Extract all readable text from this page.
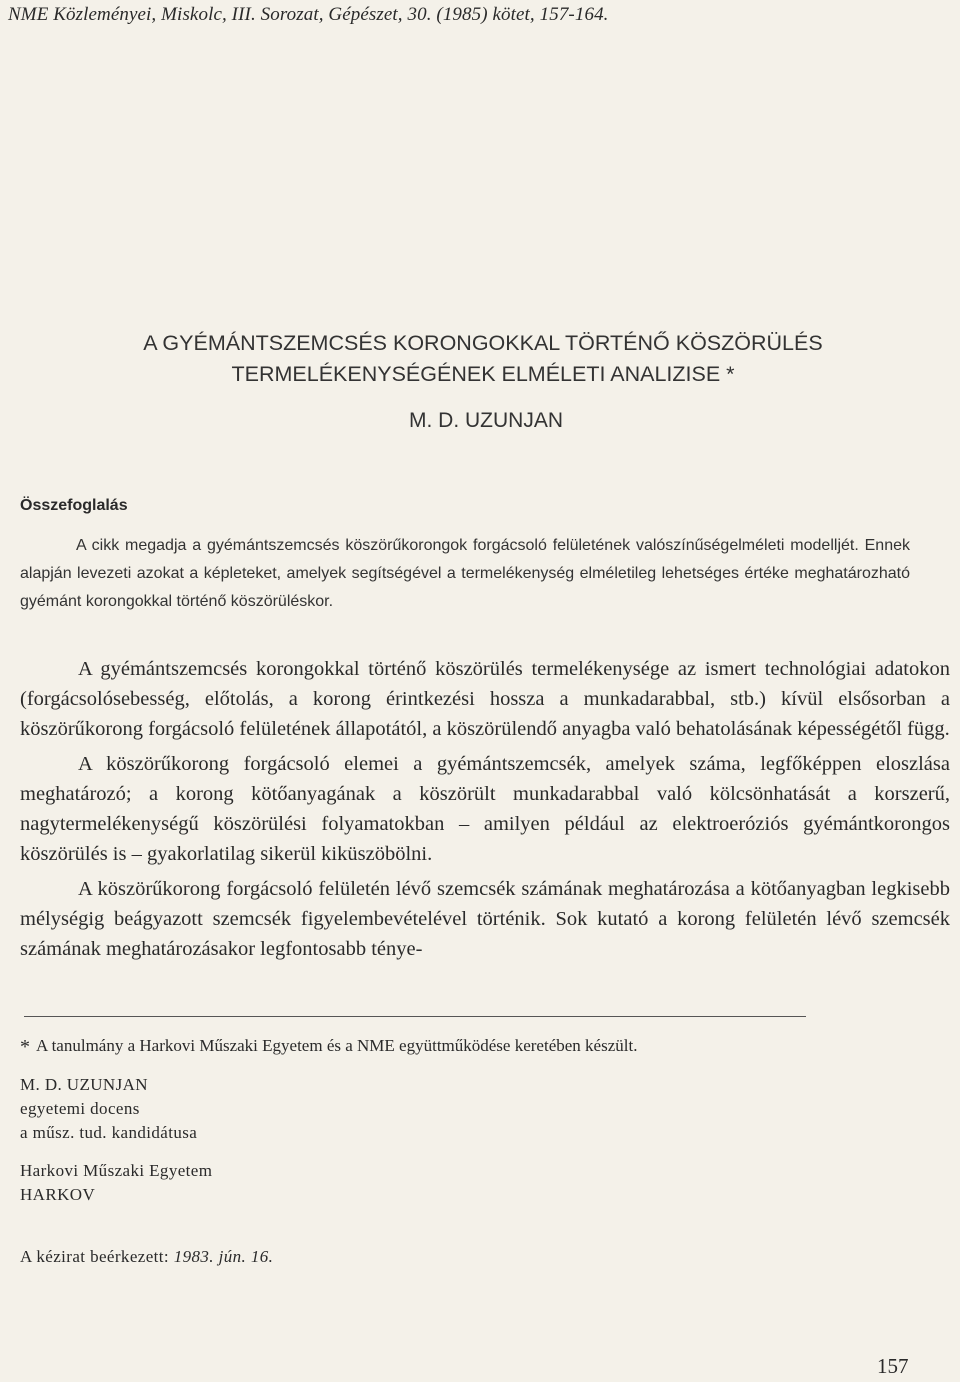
NME Közleményei, Miskolc, III. Sorozat, Gépészet, 30. (1985) kötet, 157-164.
A GYÉMÁNTSZEMCSÉS KORONGOKKAL TÖRTÉNŐ KÖSZÖRÜLÉS
TERMELÉKENYSÉGÉNEK ELMÉLETI ANALIZISE *
M. D. UZUNJAN
Összefoglalás
A cikk megadja a gyémántszemcsés köszörűkorongok forgácsoló felületének valószínűségelméleti modelljét. Ennek alapján levezeti azokat a képleteket, amelyek segítségével a termelékenység elméletileg lehetséges értéke meghatározható gyémánt korongokkal történő köszörüléskor.

A gyémántszemcsés korongokkal történő köszörülés termelékenysége az ismert technológiai adatokon (forgácsolósebesség, előtolás, a korong érintkezési hossza a munkadarabbal, stb.) kívül elsősorban a köszörűkorong forgácsoló felületének állapotától, a köszörülendő anyagba való behatolásának képességétől függ.

A köszörűkorong forgácsoló elemei a gyémántszemcsék, amelyek száma, legfőképpen eloszlása meghatározó; a korong kötőanyagának a köszörült munkadarabbal való kölcsönhatását a korszerű, nagytermelékenységű köszörülési folyamatokban – amilyen például az elektroeróziós gyémántkorongos köszörülés is – gyakorlatilag sikerül kiküszöbölni.

A köszörűkorong forgácsoló felületén lévő szemcsék számának meghatározása a kötőanyagban legkisebb mélységig beágyazott szemcsék figyelembevételével történik. Sok kutató a korong felületén lévő szemcsék számának meghatározásakor legfontosabb ténye-

* A tanulmány a Harkovi Műszaki Egyetem és a NME együttműködése keretében készült.
M. D. UZUNJAN
egyetemi docens
a műsz. tud. kandidátusa
Harkovi Műszaki Egyetem
HARKOV
A kézirat beérkezett: 1983. jún. 16.
157
